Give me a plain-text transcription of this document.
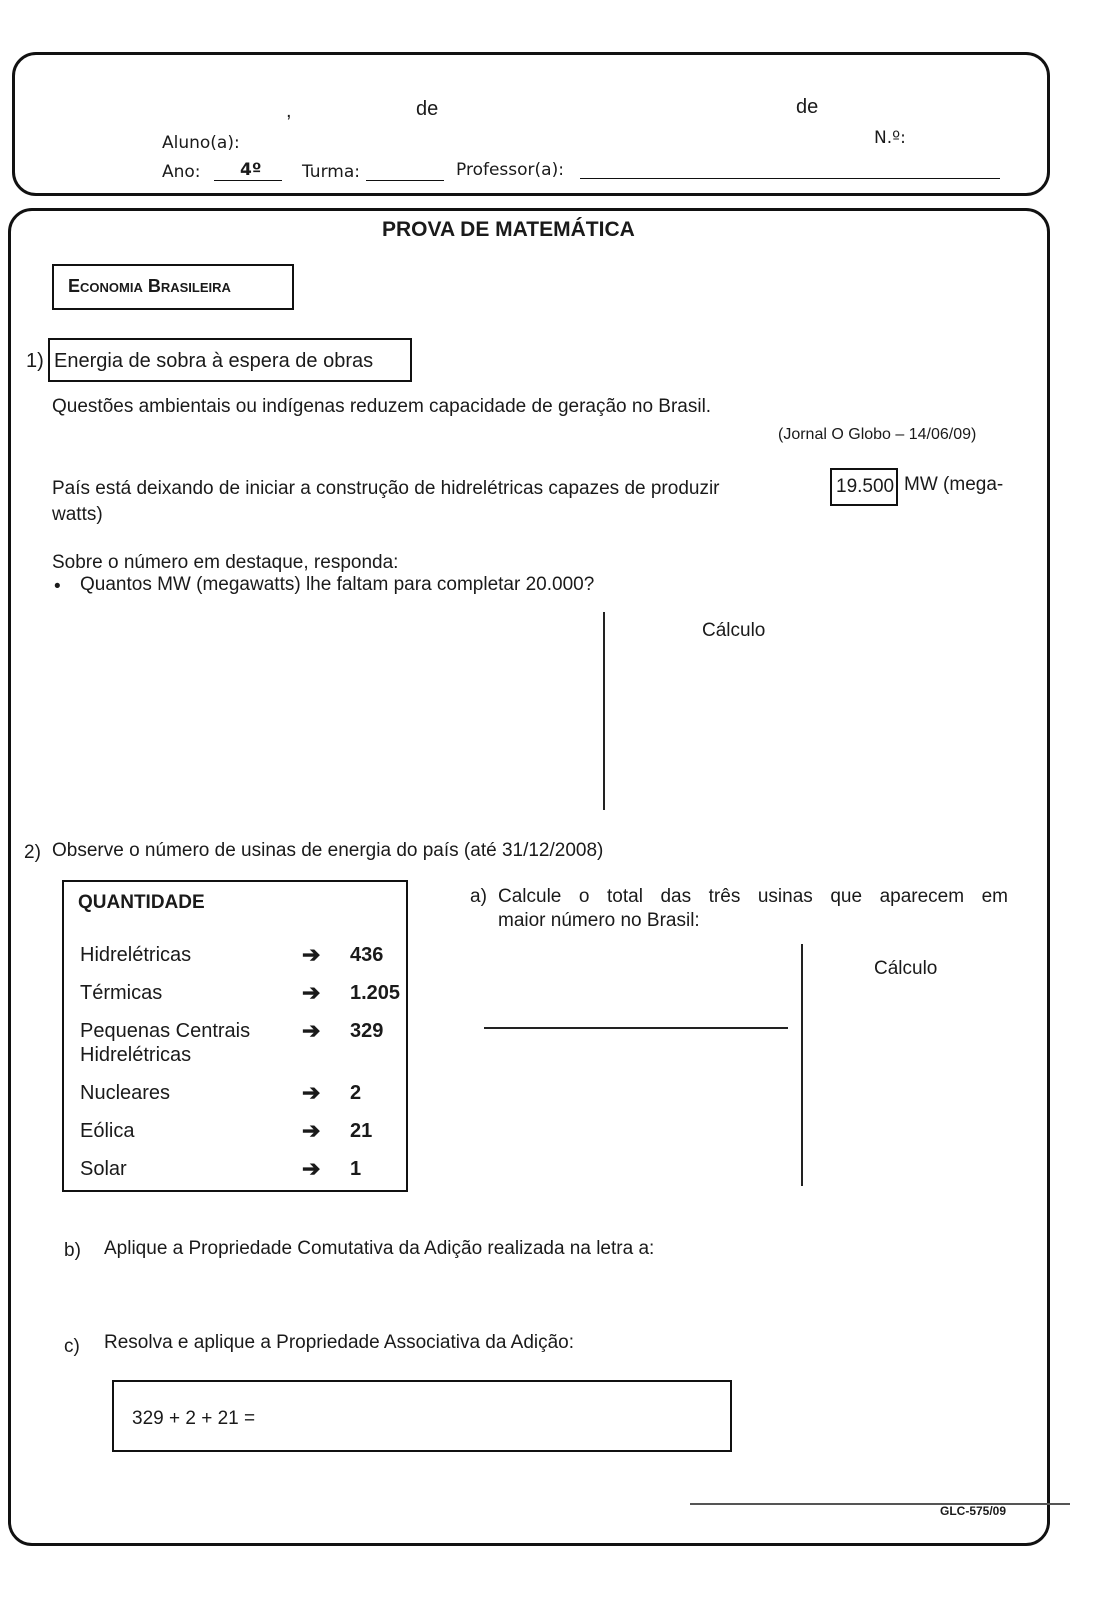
,	de	de
Aluno(a):	N.º:
Ano: 4º Turma:	Professor(a):
PROVA DE MATEMÁTICA
Economia Brasileira
1) Energia de sobra à espera de obras
Questões ambientais ou indígenas reduzem capacidade de geração no Brasil.
(Jornal O Globo – 14/06/09)
País está deixando de iniciar a construção de hidrelétricas capazes de produzir	19.500 MW (mega-
watts)
Sobre o número em destaque, responda:
• Quantos MW (megawatts) lhe faltam para completar 20.000?
Cálculo
2) Observe o número de usinas de energia do país (até 31/12/2008)
QUANTIDADE
Hidrelétricas	➔ 436
Térmicas	➔ 1.205
Pequenas Centrais
Hidrelétricas
➔ 329
Nucleares	➔ 2
Eólica	➔ 21
Solar	➔ 1
a) Calcule o total das três usinas que aparecem em
maior número no Brasil:
Cálculo
b) Aplique a Propriedade Comutativa da Adição realizada na letra a:
c) Resolva e aplique a Propriedade Associativa da Adição:
329 + 2 + 21 =
GLC-575/09
